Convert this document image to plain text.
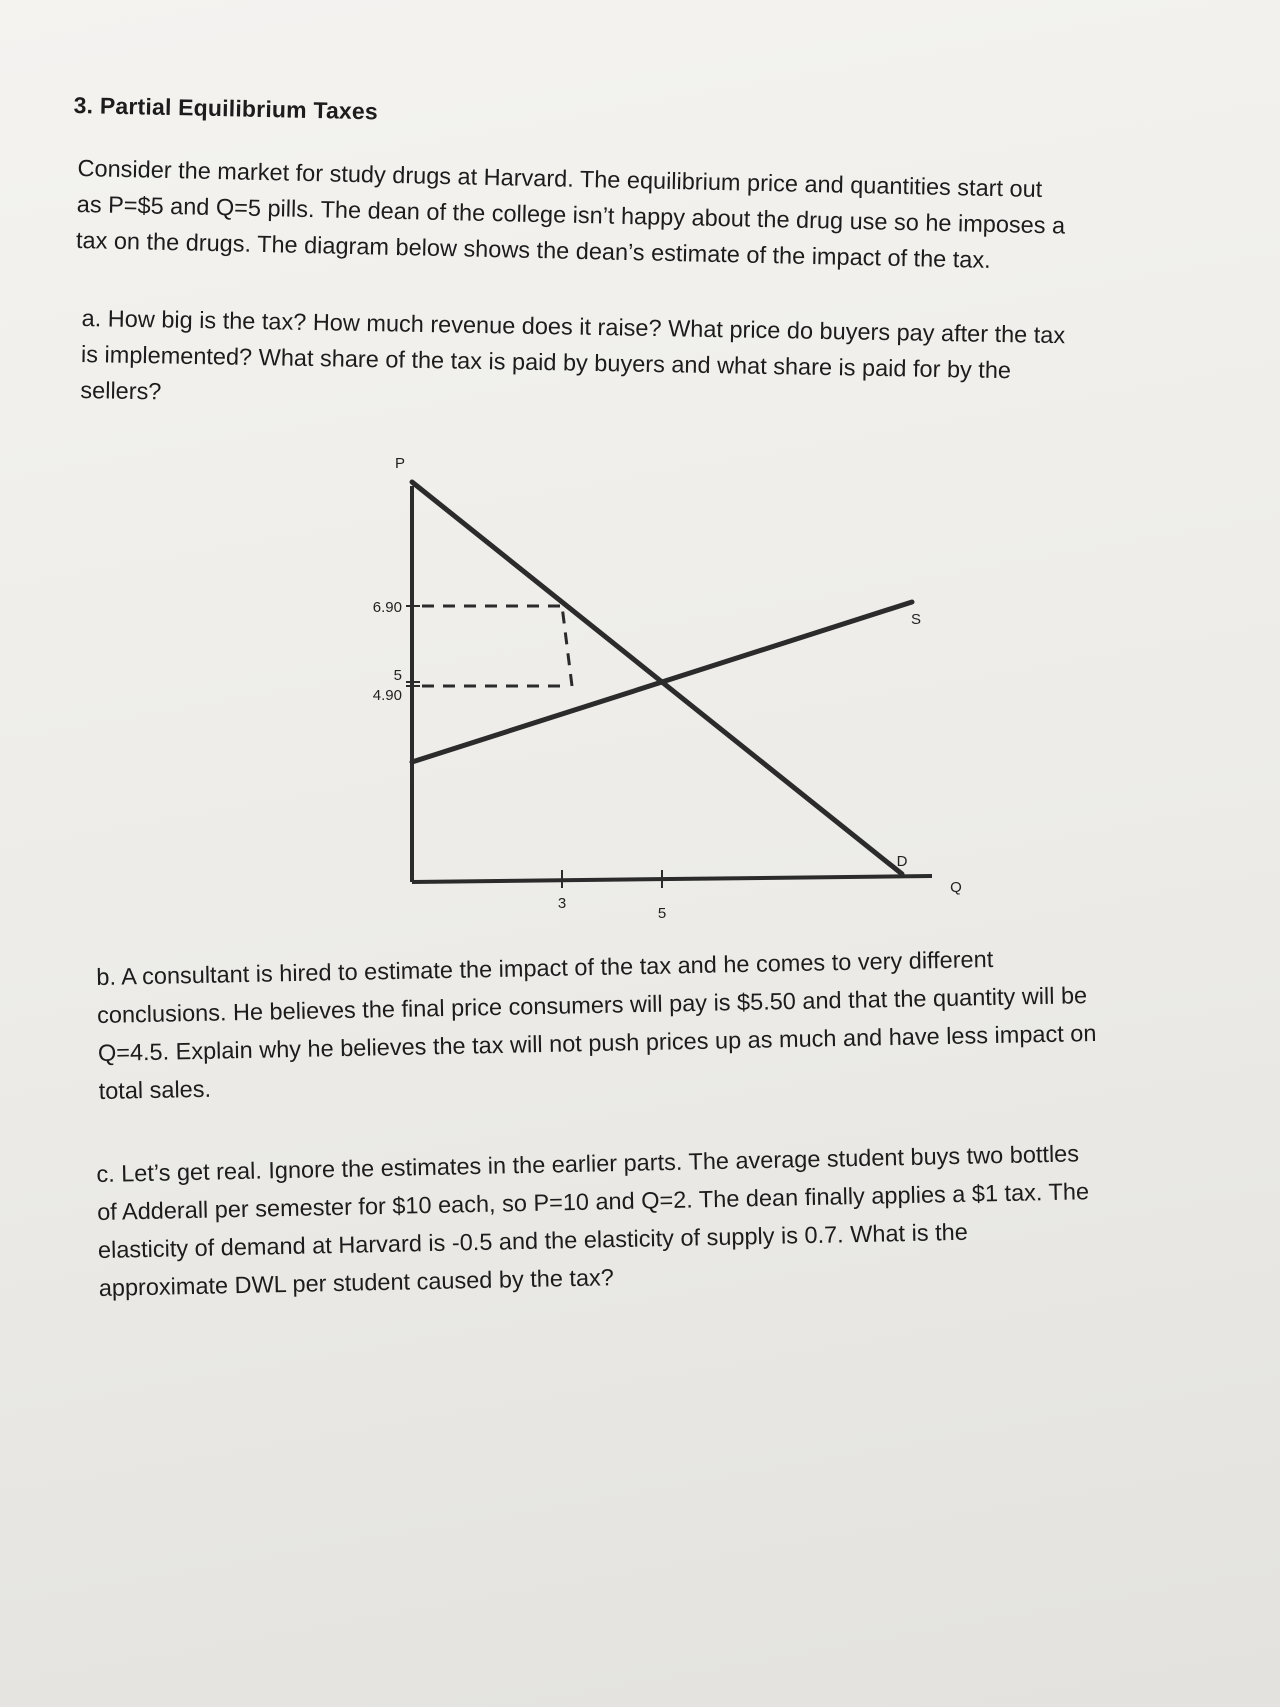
3. Partial Equilibrium Taxes
Consider the market for study drugs at Harvard. The equilibrium price and quantities start out
as P=$5 and Q=5 pills. The dean of the college isn’t happy about the drug use so he imposes a
tax on the drugs. The diagram below shows the dean’s estimate of the impact of the tax.
a. How big is the tax? How much revenue does it raise? What price do buyers pay after the tax
is implemented? What share of the tax is paid by buyers and what share is paid for by the
sellers?
P
Q
6.90
5
4.90
3
5
D
S
b. A consultant is hired to estimate the impact of the tax and he comes to very different
conclusions. He believes the final price consumers will pay is $5.50 and that the quantity will be
Q=4.5. Explain why he believes the tax will not push prices up as much and have less impact on
total sales.
c. Let’s get real. Ignore the estimates in the earlier parts. The average student buys two bottles
of Adderall per semester for $10 each, so P=10 and Q=2. The dean finally applies a $1 tax. The
elasticity of demand at Harvard is -0.5 and the elasticity of supply is 0.7. What is the
approximate DWL per student caused by the tax?
